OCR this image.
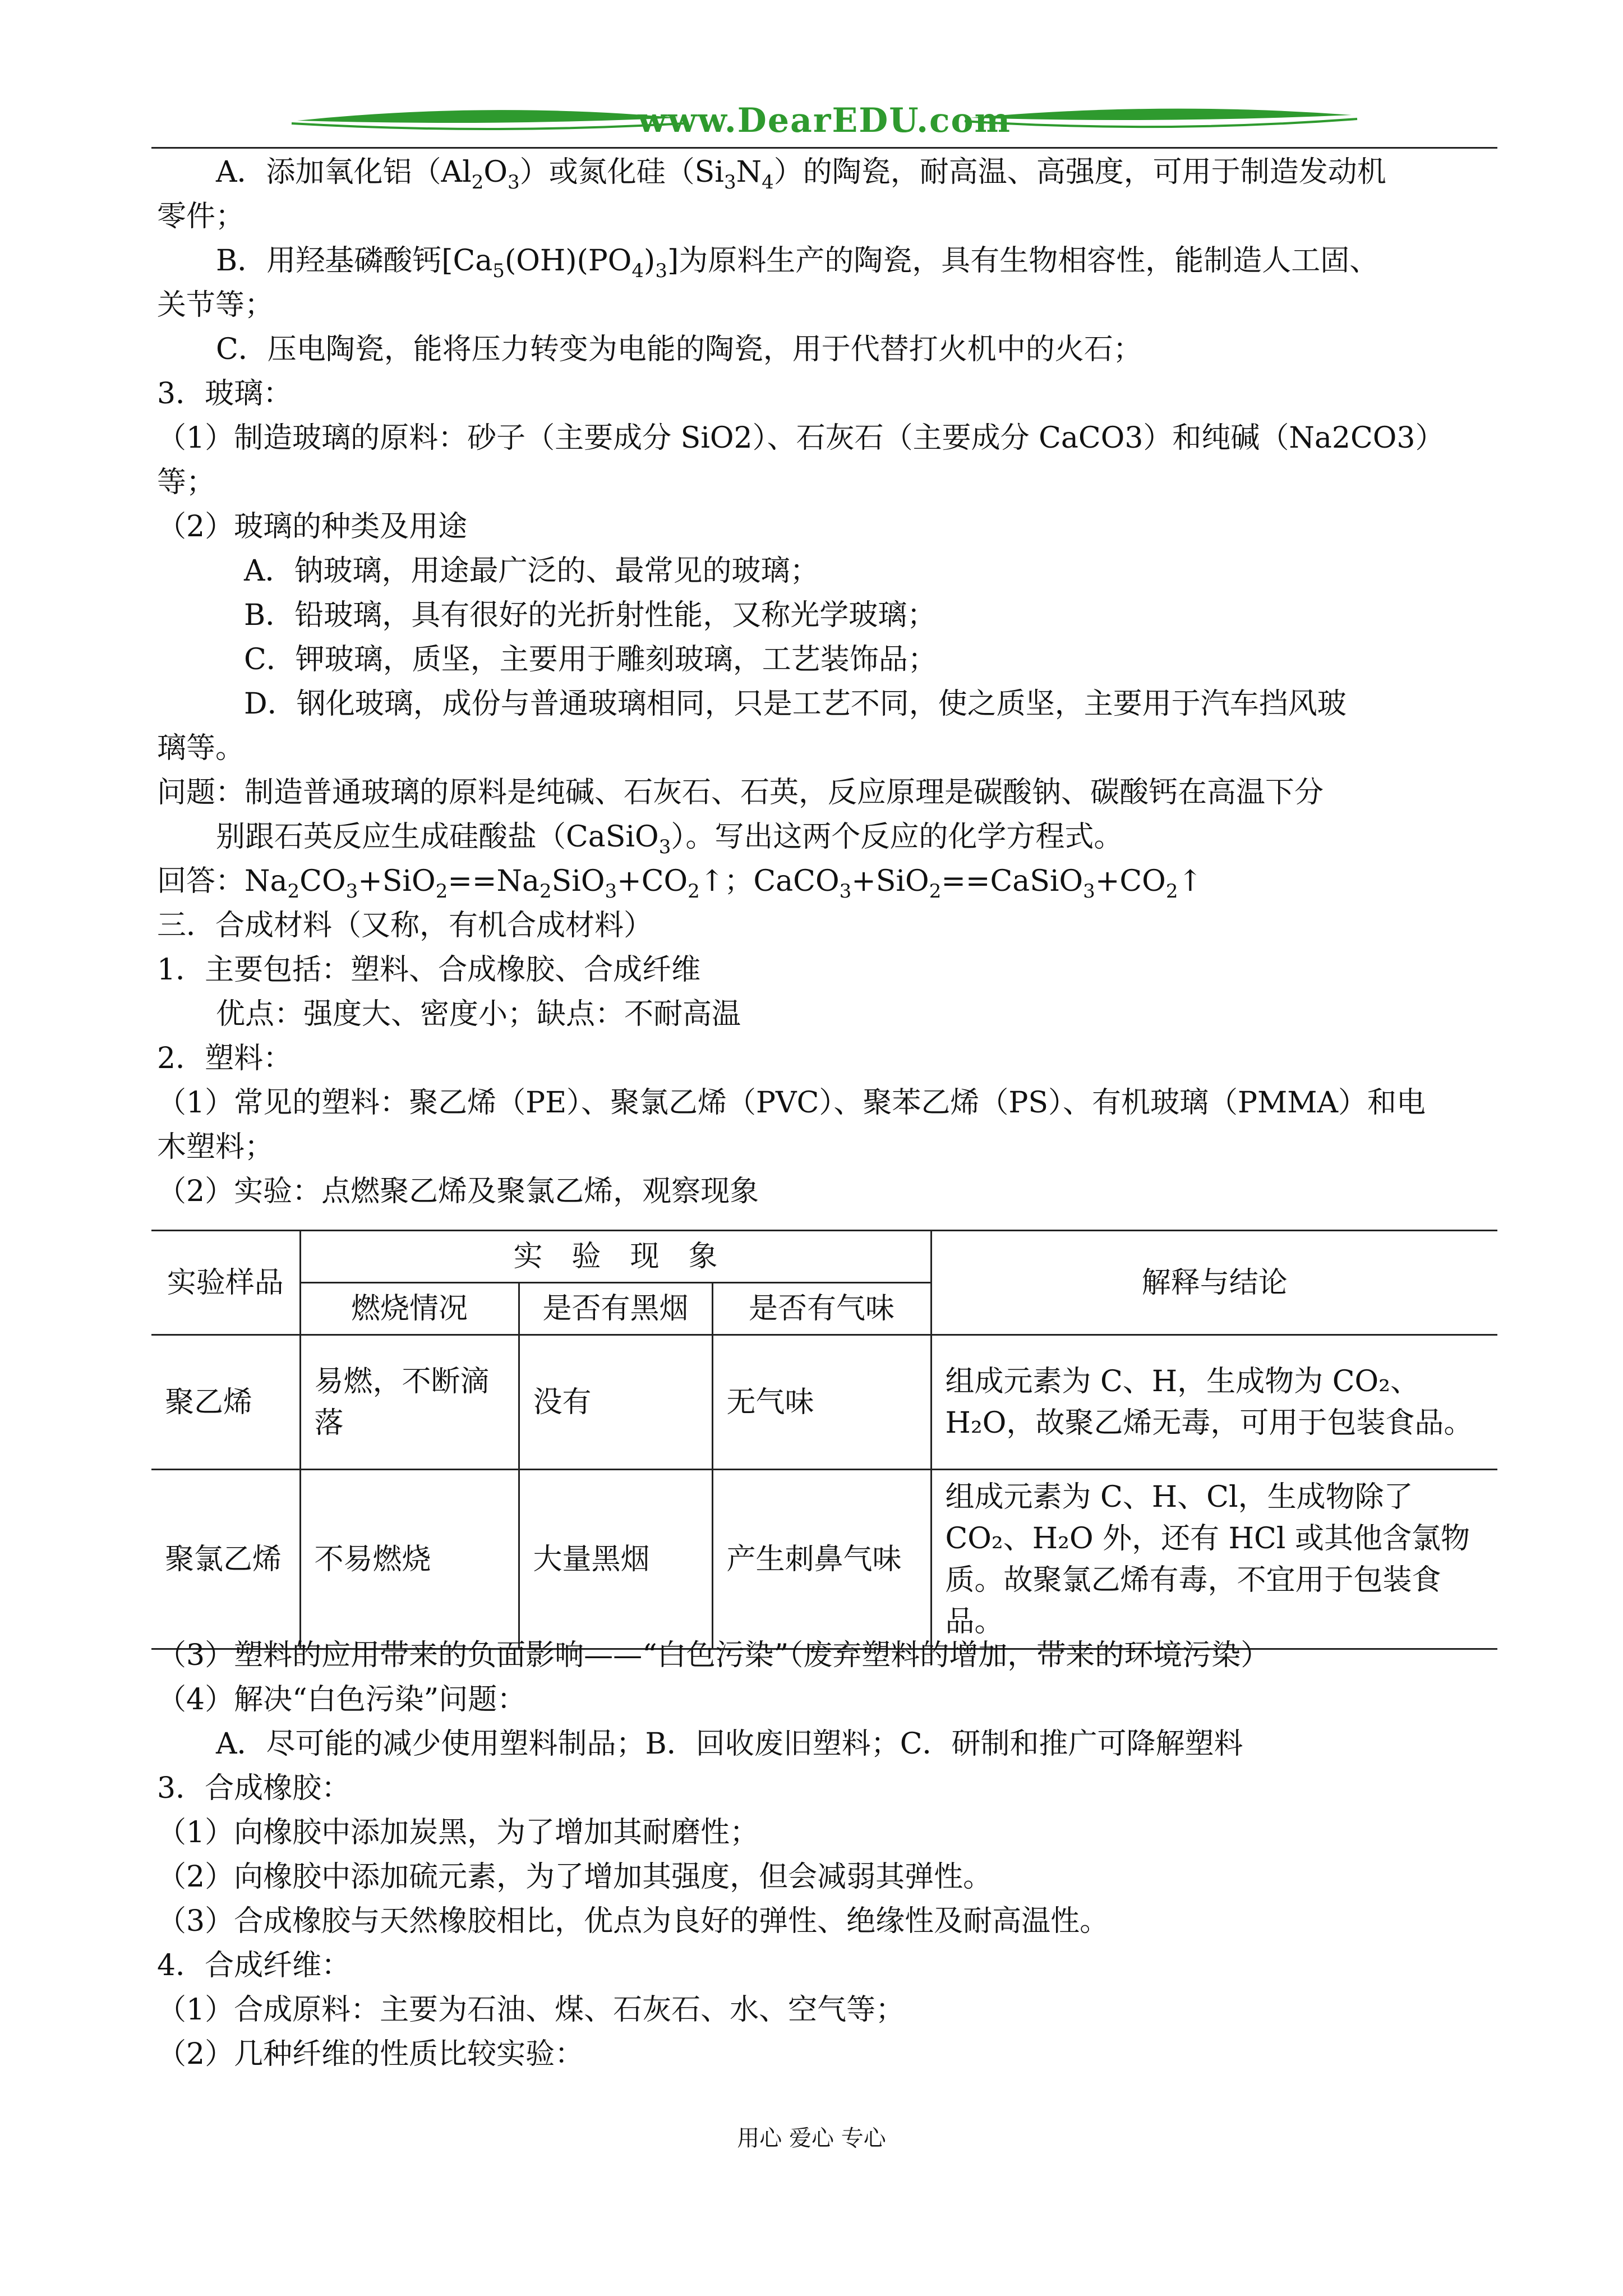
www.DearEDU.com
A．添加氧化铝$(Al_2O_3)$或氮化硅$(Si_3N_4)$的陶瓷，耐高温、高强度，可用于制造发动机
零件；
B．用羟基磷酸钙$[Ca_5(OH)(PO_4)_3]$为原料生产的陶瓷，具有生物相容性，能制造人工固、
关节等；
C．压电陶瓷，能将压力转变为电能的陶瓷，用于代替打火机中的火石；
3．玻璃：
（1）制造玻璃的原料：砂子（主要成分 SiO2）、石灰石（主要成分 CaCO3）和纯碱（Na2CO3）
等；
（2）玻璃的种类及用途
A．钠玻璃，用途最广泛的、最常见的玻璃；
B．铅玻璃，具有很好的光折射性能，又称光学玻璃；
C．钾玻璃，质坚，主要用于雕刻玻璃，工艺装饰品；
D．钢化玻璃，成份与普通玻璃相同，只是工艺不同，使之质坚，主要用于汽车挡风玻
璃等。
问题：制造普通玻璃的原料是纯碱、石灰石、石英，反应原理是碳酸钠、碳酸钙在高温下分
别跟石英反应生成硅酸盐（CaSiO$_3$）。写出这两个反应的化学方程式。
回答：$Na_2CO_3+SiO_2==Na_2SiO_3+CO_2↑$；$CaCO_3+SiO_2==CaSiO_3+CO_2↑$
三．合成材料（又称，有机合成材料）
1．主要包括：塑料、合成橡胶、合成纤维
优点：强度大、密度小；缺点：不耐高温
2．塑料：
（1）常见的塑料：聚乙烯（PE）、聚氯乙烯（PVC）、聚苯乙烯（PS）、有机玻璃（PMMA）和电
木塑料；
（2）实验：点燃聚乙烯及聚氯乙烯，观察现象
实验样品	实　验　现　象			解释与结论
	燃烧情况	是否有黑烟	是否有气味	
聚乙烯	易燃，不断滴落	没有	无气味	组成元素为 C、H，生成物为 CO₂、H₂O，故聚乙烯无毒，可用于包装食品。
聚氯乙烯	不易燃烧	大量黑烟	产生刺鼻气味	组成元素为 C、H、Cl，生成物除了 CO₂、H₂O 外，还有 HCl 或其他含氯物质。故聚氯乙烯有毒，不宜用于包装食品。
（3）塑料的应用带来的负面影响——“白色污染”（废弃塑料的增加，带来的环境污染）
（4）解决“白色污染”问题：
A．尽可能的减少使用塑料制品；B．回收废旧塑料；C．研制和推广可降解塑料
3．合成橡胶：
（1）向橡胶中添加炭黑，为了增加其耐磨性；
（2）向橡胶中添加硫元素，为了增加其强度，但会减弱其弹性。
（3）合成橡胶与天然橡胶相比，优点为良好的弹性、绝缘性及耐高温性。
4．合成纤维：
（1）合成原料：主要为石油、煤、石灰石、水、空气等；
（2）几种纤维的性质比较实验：
用心 爱心 专心
